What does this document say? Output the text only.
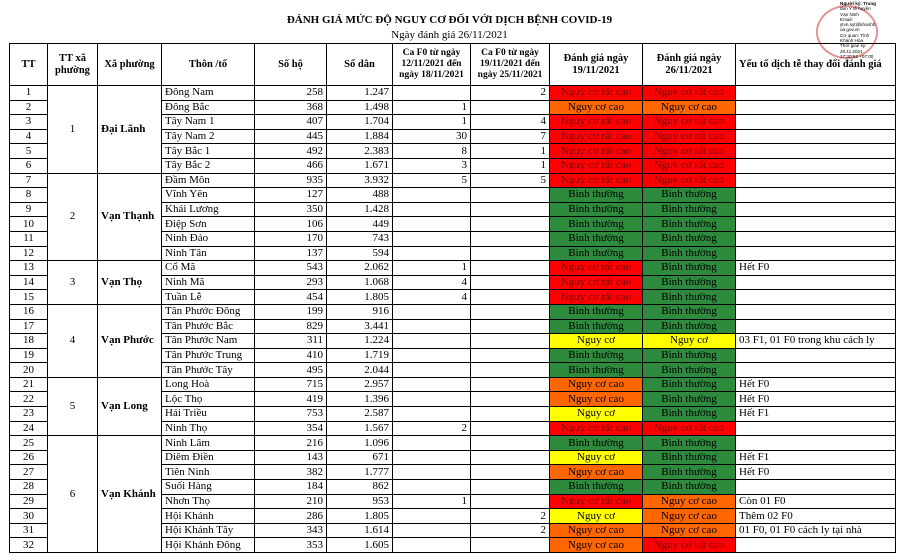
ĐÁNH GIÁ MỨC ĐỘ NGUY CƠ ĐỐI VỚI DỊCH BỆNH COVID-19
Ngày đánh giá 26/11/2021
Người ký: Trung
tâm Y tế huyện
Vạn Ninh
Email:
ytvn.syt@khanhh
oa.gov.vn
Cơ quan: Tỉnh
Khánh Hòa
Thời gian ký:
26.11.2021
17:30:52 +07:00
TT	TT xã phường	Xã phường	Thôn /tổ	Số hộ	Số dân	Ca F0 từ ngày 12/11/2021 đến ngày 18/11/2021	Ca F0 từ ngày 19/11/2021 đến ngày 25/11/2021	Đánh giá ngày 19/11/2021	Đánh giá ngày 26/11/2021	Yếu tố dịch tễ thay đổi đánh giá
1	1	Đại Lãnh	Đông Nam	258	1.247		2	Nguy cơ rất cao	Nguy cơ rất cao	
2			Đông Bắc	368	1.498	1		Nguy cơ cao	Nguy cơ cao	
3			Tây Nam 1	407	1.704	1	4	Nguy cơ rất cao	Nguy cơ rất cao	
4			Tây Nam 2	445	1.884	30	7	Nguy cơ rất cao	Nguy cơ rất cao	
5			Tây Bắc 1	492	2.383	8	1	Nguy cơ rất cao	Nguy cơ rất cao	
6			Tây Bắc 2	466	1.671	3	1	Nguy cơ rất cao	Nguy cơ rất cao	
7	2	Vạn Thạnh	Đầm Môn	935	3.932	5	5	Nguy cơ rất cao	Nguy cơ rất cao	
8			Vĩnh Yên	127	488			Bình thường	Bình thường	
9			Khải Lương	350	1.428			Bình thường	Bình thường	
10			Điệp Sơn	106	449			Bình thường	Bình thường	
11			Ninh Đảo	170	743			Bình thường	Bình thường	
12			Ninh Tân	137	594			Bình thường	Bình thường	
13	3	Vạn Thọ	Cổ Mã	543	2.062	1		Nguy cơ rất cao	Bình thường	Hết F0
14			Ninh Mã	293	1.068	4		Nguy cơ rất cao	Bình thường	
15			Tuần Lễ	454	1.805	4		Nguy cơ rất cao	Bình thường	
16	4	Vạn Phước	Tân Phước Đông	199	916			Bình thường	Bình thường	
17			Tân Phước Bắc	829	3.441			Bình thường	Bình thường	
18			Tân Phước Nam	311	1.224			Nguy cơ	Nguy cơ	03 F1, 01 F0 trong khu cách ly
19			Tân Phước Trung	410	1.719			Bình thường	Bình thường	
20			Tân Phước Tây	495	2.044			Bình thường	Bình thường	
21	5	Vạn Long	Long Hoà	715	2.957			Nguy cơ cao	Bình thường	Hết F0
22			Lộc Thọ	419	1.396			Nguy cơ cao	Bình thường	Hết F0
23			Hải Triều	753	2.587			Nguy cơ	Bình thường	Hết F1
24			Ninh Thọ	354	1.567	2		Nguy cơ rất cao	Nguy cơ rất cao	
25	6	Vạn Khánh	Ninh Lâm	216	1.096			Bình thường	Bình thường	
26			Diêm Điền	143	671			Nguy cơ	Bình thường	Hết F1
27			Tiên Ninh	382	1.777			Nguy cơ cao	Bình thường	Hết F0
28			Suối Hàng	184	862			Bình thường	Bình thường	
29			Nhơn Thọ	210	953	1		Nguy cơ rất cao	Nguy cơ cao	Còn 01 F0
30			Hội Khánh	286	1.805		2	Nguy cơ	Nguy cơ cao	Thêm 02 F0
31			Hội Khánh Tây	343	1.614		2	Nguy cơ cao	Nguy cơ cao	01 F0, 01 F0 cách ly tại nhà
32			Hội Khánh Đông	353	1.605			Nguy cơ cao	Nguy cơ rất cao	
